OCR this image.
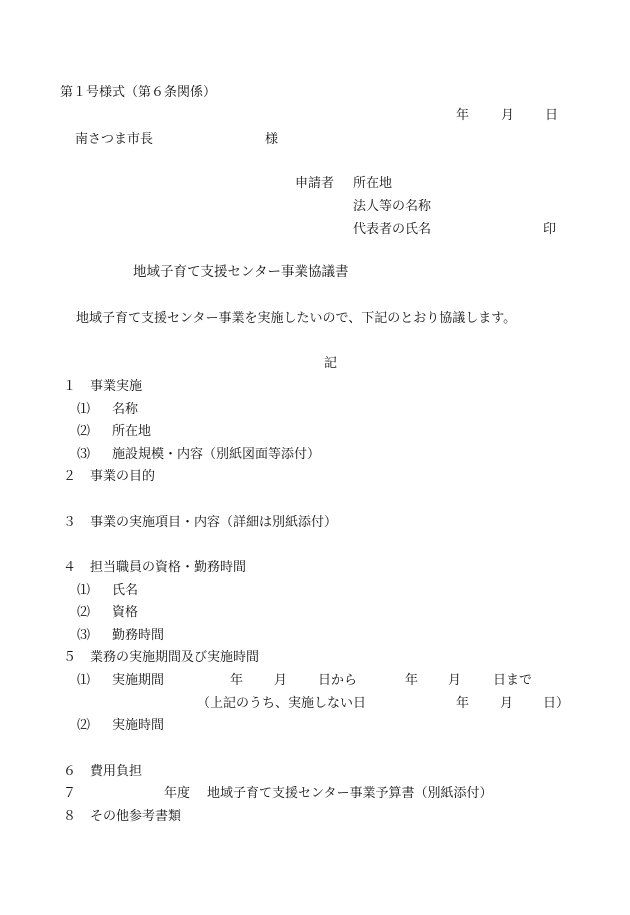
第１号様式（第６条関係）
年 月 日
南さつま市長	様
申請者 所在地
法人等の名称
代表者の氏名	印
地域子育て支援センター事業協議書
地域子育て支援センター事業を実施したいので、下記のとおり協議します。
記
１ 事業実施
⑴ 名称
⑵ 所在地
⑶ 施設規模・内容（別紙図面等添付）
２ 事業の目的
３ 事業の実施項目・内容（詳細は別紙添付）
４ 担当職員の資格・勤務時間
⑴ 氏名
⑵ 資格
⑶ 勤務時間
５ 業務の実施期間及び実施時間
⑴ 実施期間	年 月 日から	年 月 日まで
（上記のうち、実施しない日	年 月 日）
⑵ 実施時間
６ 費用負担
７	年度 地域子育て支援センター事業予算書（別紙添付）
８ その他参考書類
